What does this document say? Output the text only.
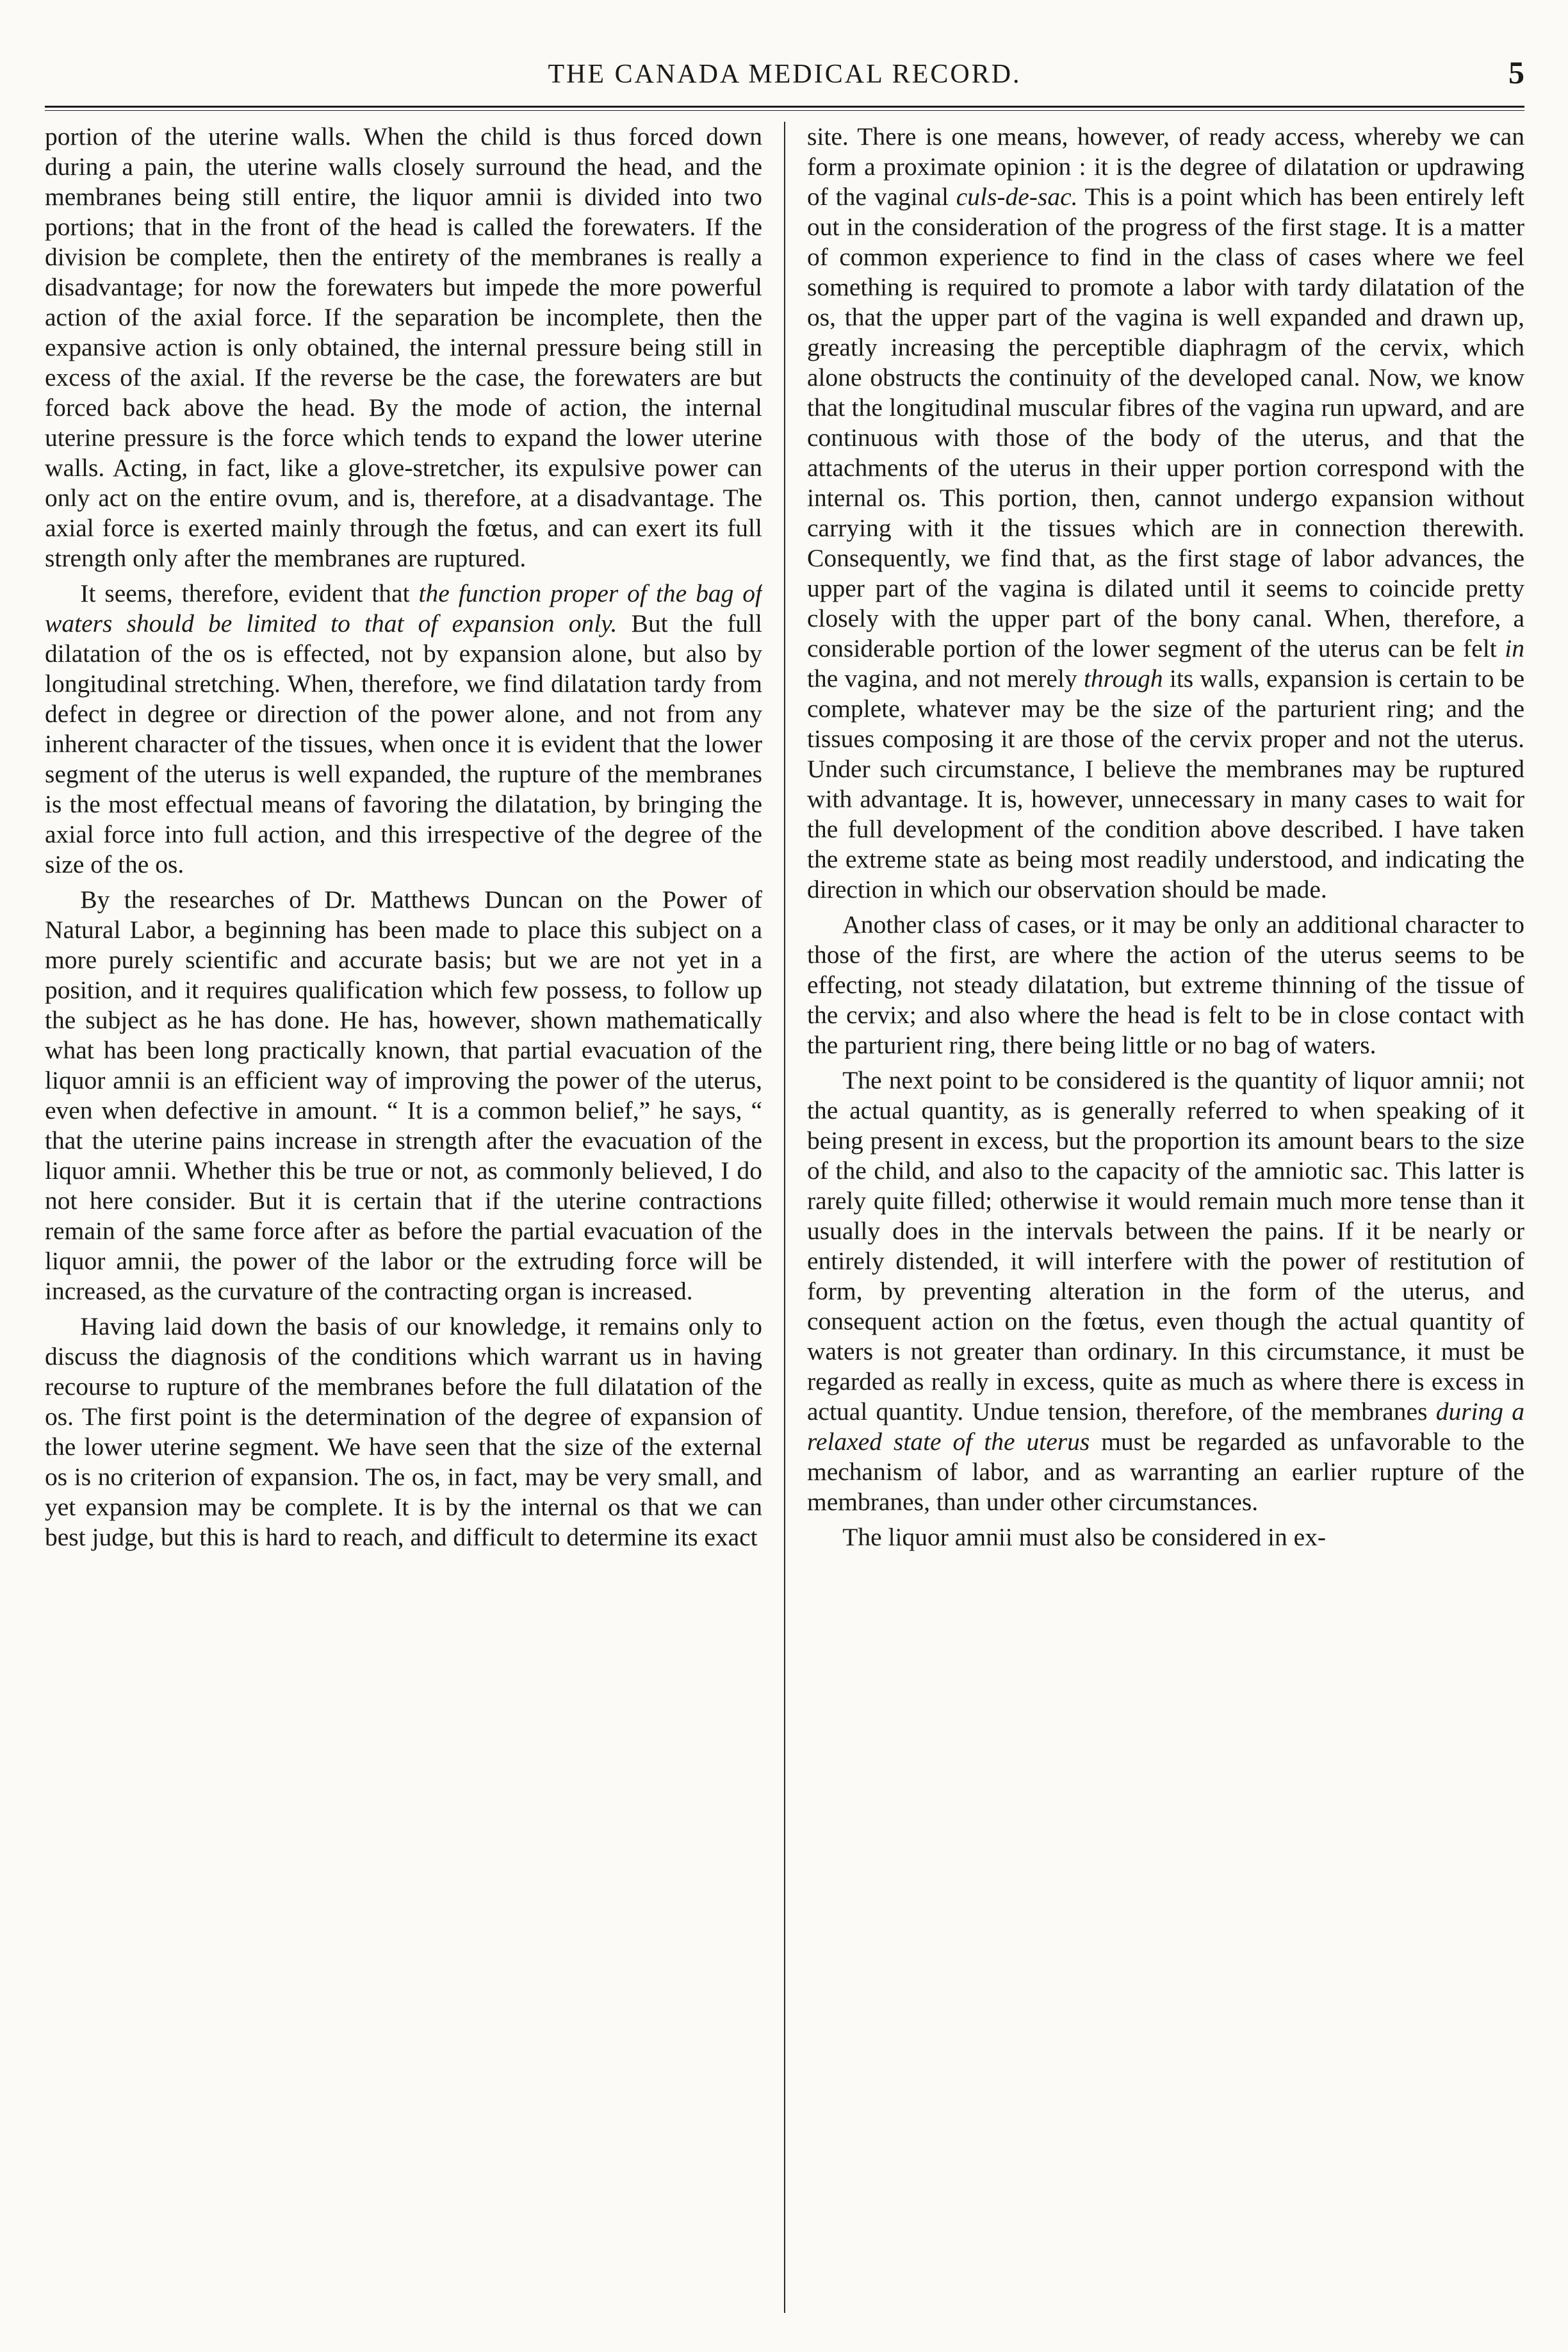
THE CANADA MEDICAL RECORD.	5

portion of the uterine walls. When the child is thus forced down during a pain, the uterine walls closely surround the head, and the membranes being still entire, the liquor amnii is divided into two portions; that in the front of the head is called the forewaters. If the division be complete, then the entirety of the membranes is really a disadvantage; for now the forewaters but impede the more powerful action of the axial force. If the separation be incomplete, then the expansive action is only obtained, the internal pressure being still in excess of the axial. If the reverse be the case, the forewaters are but forced back above the head. By the mode of action, the internal uterine pressure is the force which tends to expand the lower uterine walls. Acting, in fact, like a glove-stretcher, its expulsive power can only act on the entire ovum, and is, therefore, at a disadvantage. The axial force is exerted mainly through the fœtus, and can exert its full strength only after the membranes are ruptured.

It seems, therefore, evident that the function proper of the bag of waters should be limited to that of expansion only. But the full dilatation of the os is effected, not by expansion alone, but also by longitudinal stretching. When, therefore, we find dilatation tardy from defect in degree or direction of the power alone, and not from any inherent character of the tissues, when once it is evident that the lower segment of the uterus is well expanded, the rupture of the membranes is the most effectual means of favoring the dilatation, by bringing the axial force into full action, and this irrespective of the degree of the size of the os.

By the researches of Dr. Matthews Duncan on the Power of Natural Labor, a beginning has been made to place this subject on a more purely scientific and accurate basis; but we are not yet in a position, and it requires qualification which few possess, to follow up the subject as he has done. He has, however, shown mathematically what has been long practically known, that partial evacuation of the liquor amnii is an efficient way of improving the power of the uterus, even when defective in amount. “ It is a common belief,” he says, “ that the uterine pains increase in strength after the evacuation of the liquor amnii. Whether this be true or not, as commonly believed, I do not here consider. But it is certain that if the uterine contractions remain of the same force after as before the partial evacuation of the liquor amnii, the power of the labor or the extruding force will be increased, as the curvature of the contracting organ is increased.

Having laid down the basis of our knowledge, it remains only to discuss the diagnosis of the conditions which warrant us in having recourse to rupture of the membranes before the full dilatation of the os. The first point is the determination of the degree of expansion of the lower uterine segment. We have seen that the size of the external os is no criterion of expansion. The os, in fact, may be very small, and yet expansion may be complete. It is by the internal os that we can best judge, but this is hard to reach, and difficult to determine its exact

site. There is one means, however, of ready access, whereby we can form a proximate opinion : it is the degree of dilatation or updrawing of the vaginal culs-de-sac. This is a point which has been entirely left out in the consideration of the progress of the first stage. It is a matter of common experience to find in the class of cases where we feel something is required to promote a labor with tardy dilatation of the os, that the upper part of the vagina is well expanded and drawn up, greatly increasing the perceptible diaphragm of the cervix, which alone obstructs the continuity of the developed canal. Now, we know that the longitudinal muscular fibres of the vagina run upward, and are continuous with those of the body of the uterus, and that the attachments of the uterus in their upper portion correspond with the internal os. This portion, then, cannot undergo expansion without carrying with it the tissues which are in connection therewith. Consequently, we find that, as the first stage of labor advances, the upper part of the vagina is dilated until it seems to coincide pretty closely with the upper part of the bony canal. When, therefore, a considerable portion of the lower segment of the uterus can be felt in the vagina, and not merely through its walls, expansion is certain to be complete, whatever may be the size of the parturient ring; and the tissues composing it are those of the cervix proper and not the uterus. Under such circumstance, I believe the membranes may be ruptured with advantage. It is, however, unnecessary in many cases to wait for the full development of the condition above described. I have taken the extreme state as being most readily understood, and indicating the direction in which our observation should be made.

Another class of cases, or it may be only an additional character to those of the first, are where the action of the uterus seems to be effecting, not steady dilatation, but extreme thinning of the tissue of the cervix; and also where the head is felt to be in close contact with the parturient ring, there being little or no bag of waters.

The next point to be considered is the quantity of liquor amnii; not the actual quantity, as is generally referred to when speaking of it being present in excess, but the proportion its amount bears to the size of the child, and also to the capacity of the amniotic sac. This latter is rarely quite filled; otherwise it would remain much more tense than it usually does in the intervals between the pains. If it be nearly or entirely distended, it will interfere with the power of restitution of form, by preventing alteration in the form of the uterus, and consequent action on the fœtus, even though the actual quantity of waters is not greater than ordinary. In this circumstance, it must be regarded as really in excess, quite as much as where there is excess in actual quantity. Undue tension, therefore, of the membranes during a relaxed state of the uterus must be regarded as unfavorable to the mechanism of labor, and as warranting an earlier rupture of the membranes, than under other circumstances.

The liquor amnii must also be considered in ex-
